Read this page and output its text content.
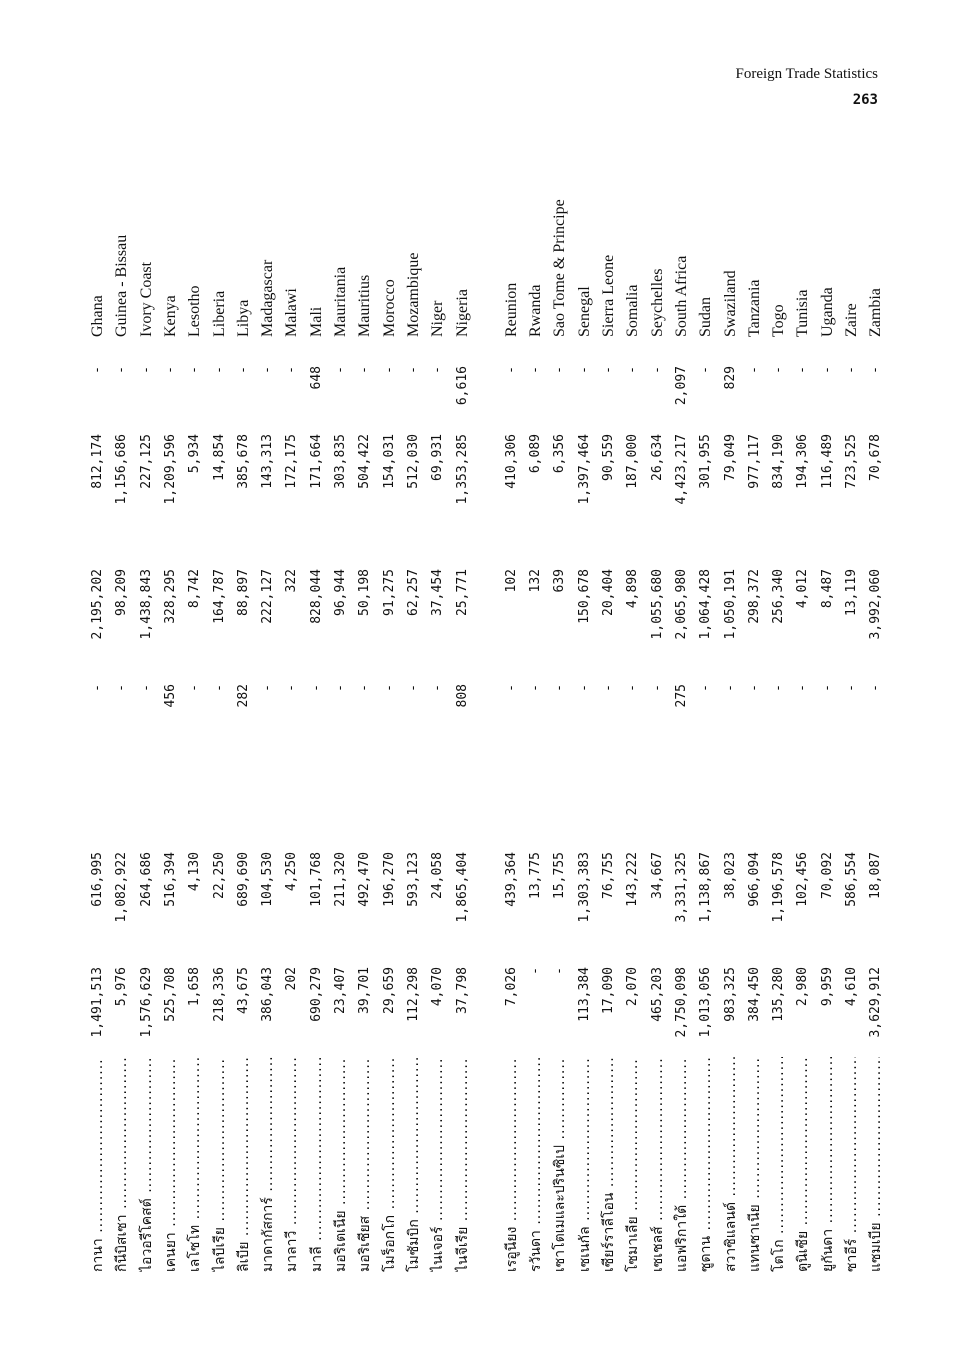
Foreign Trade Statistics
263
กานา .....
1,491,513
616,995
-
2,195,202
812,174
-
Ghana
กินีบิสเซา .....
5,976
1,082,922
-
98,209
1,156,686
-
Guinea - Bissau
ไอวอรีโคสต์ .....
1,576,629
264,686
-
1,438,843
227,125
-
Ivory Coast
เคนยา .....
525,708
516,394
456
328,295
1,209,596
-
Kenya
เลโซโท .....
1,658
4,130
-
8,742
5,934
-
Lesotho
ไลบีเรีย .....
218,336
22,250
-
164,787
14,854
-
Liberia
ลิเบีย .....
43,675
689,690
282
88,897
385,678
-
Libya
มาดากัสการ์ .....
386,043
104,530
-
222,127
143,313
-
Madagascar
มาลาวี .....
202
4,250
-
322
172,175
-
Malawi
มาลี .....
690,279
101,768
-
828,044
171,664
648
Mali
มอริเตเนีย .....
23,407
211,320
-
96,944
303,835
-
Mauritania
มอริเชียส .....
39,701
492,470
-
50,198
504,422
-
Mauritius
โมร็อกโก .....
29,659
196,270
-
91,275
154,031
-
Morocco
โมซัมบิก .....
112,298
593,123
-
62,257
512,030
-
Mozambique
ไนเจอร์ .....
4,070
24,058
-
37,454
69,931
-
Niger
ไนจีเรีย .....
37,798
1,865,404
808
25,771
1,353,285
6,616
Nigeria
เรอูนียง .....
7,026
439,364
-
102
410,306
-
Reunion
รวันดา .....
-
13,775
-
132
6,089
-
Rwanda
เซาโตเมและปรินซิเป .....
-
15,755
-
639
6,356
-
Sao Tome & Principe
เซเนกัล .....
113,384
1,303,383
-
150,678
1,397,464
-
Senegal
เซียร์ราลีโอน .....
17,090
76,755
-
20,404
90,559
-
Sierra Leone
โซมาเลีย .....
2,070
143,222
-
4,898
187,000
-
Somalia
เซเชลส์ .....
465,203
34,667
-
1,055,680
26,634
-
Seychelles
แอฟริกาใต้ .....
2,750,098
3,331,325
275
2,065,980
4,423,217
2,097
South Africa
ซูดาน .....
1,013,056
1,138,867
-
1,064,428
301,955
-
Sudan
สวาซิแลนด์ .....
983,325
38,023
-
1,050,191
79,049
829
Swaziland
แทนซาเนีย .....
384,450
966,094
-
298,372
977,117
-
Tanzania
โตโก .....
135,280
1,196,578
-
256,340
834,190
-
Togo
ตูนิเซีย .....
2,980
102,456
-
4,012
194,306
-
Tunisia
ยูกันดา .....
9,959
70,092
-
8,487
116,489
-
Uganda
ซาอีร์ .....
4,610
586,554
-
13,119
723,525
-
Zaire
แซมเบีย .....
3,629,912
18,087
-
3,992,060
70,678
-
Zambia
